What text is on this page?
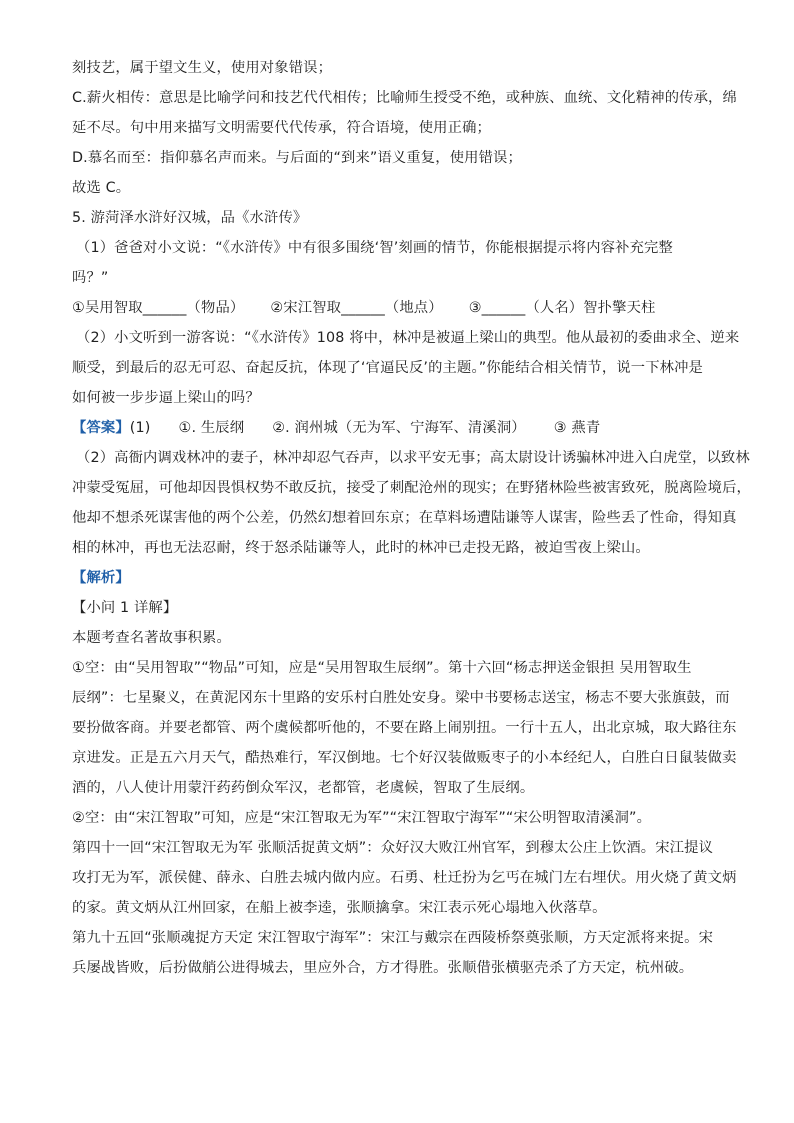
刻技艺，属于望文生义，使用对象错误；

C.薪火相传：意思是比喻学问和技艺代代相传；比喻师生授受不绝，或种族、血统、文化精神的传承，绵

延不尽。句中用来描写文明需要代代传承，符合语境，使用正确；

D.慕名而至：指仰慕名声而来。与后面的“到来”语义重复，使用错误；

故选 C。

5. 游菏泽水浒好汉城，品《水浒传》

（1）爸爸对小文说：“《水浒传》中有很多围绕‘智’刻画的情节，你能根据提示将内容补充完整

吗？”

①吴用智取______（物品） ②宋江智取______（地点） ③______（人名）智扑擎天柱

（2）小文听到一游客说：“《水浒传》108 将中，林冲是被逼上梁山的典型。他从最初的委曲求全、逆来

顺受，到最后的忍无可忍、奋起反抗，体现了‘官逼民反’的主题。”你能结合相关情节，说一下林冲是

如何被一步步逼上梁山的吗？

【答案】 (1) ①. 生辰纲 ②. 润州城（无为军、宁海军、清溪洞） ③ 燕青

（2）高衙内调戏林冲的妻子，林冲却忍气吞声，以求平安无事；高太尉设计诱骗林冲进入白虎堂，以致林

冲蒙受冤屈，可他却因畏惧权势不敢反抗，接受了刺配沧州的现实；在野猪林险些被害致死，脱离险境后，

他却不想杀死谋害他的两个公差，仍然幻想着回东京；在草料场遭陆谦等人谋害，险些丢了性命，得知真

相的林冲，再也无法忍耐，终于怒杀陆谦等人，此时的林冲已走投无路，被迫雪夜上梁山。

【解析】

【小问 1 详解】

本题考查名著故事积累。

①空：由“吴用智取”“物品”可知，应是“吴用智取生辰纲”。第十六回“杨志押送金银担 吴用智取生

辰纲”：七星聚义，在黄泥冈东十里路的安乐村白胜处安身。梁中书要杨志送宝，杨志不要大张旗鼓，而

要扮做客商。并要老都管、两个虞候都听他的，不要在路上闹别扭。一行十五人，出北京城，取大路往东

京进发。正是五六月天气，酷热难行，军汉倒地。七个好汉装做贩枣子的小本经纪人，白胜白日鼠装做卖

酒的，八人使计用蒙汗药药倒众军汉，老都管，老虞候，智取了生辰纲。

②空：由“宋江智取”可知，应是“宋江智取无为军”“宋江智取宁海军”“宋公明智取清溪洞”。

第四十一回“宋江智取无为军 张顺活捉黄文炳”：众好汉大败江州官军，到穆太公庄上饮酒。宋江提议

攻打无为军，派侯健、薛永、白胜去城内做内应。石勇、杜迁扮为乞丐在城门左右埋伏。用火烧了黄文炳

的家。黄文炳从江州回家，在船上被李逵，张顺擒拿。宋江表示死心塌地入伙落草。

第九十五回“张顺魂捉方天定 宋江智取宁海军”：宋江与戴宗在西陵桥祭奠张顺，方天定派将来捉。宋

兵屡战皆败，后扮做艄公进得城去，里应外合，方才得胜。张顺借张横驱壳杀了方天定，杭州破。
